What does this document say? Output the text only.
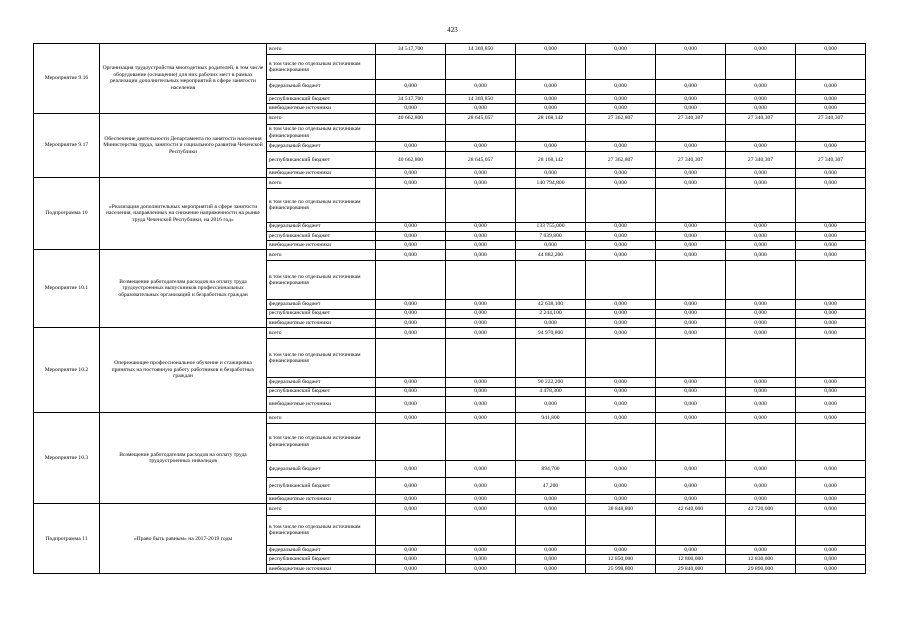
423
Мероприятие 9.16	Организация трудоустройства многодетных родителей, в том числе оборудование (оснащение) для них рабочих мест в рамках реализации дополнительных мероприятий в сфере занятости населения	всего	34 517,700	14 369,850	0,000	0,000	0,000	0,000	0,000
		в том числе по отдельным источникам финансирования							
		федеральный бюджет	0,000	0,000	0,000	0,000	0,000	0,000	0,000
		республиканский бюджет	34 517,700	14 369,850	0,000	0,000	0,000	0,000	0,000
		внебюджетные источники	0,000	0,000	0,000	0,000	0,000	0,000	0,000
Мероприятие 9.17	Обеспечение деятельности Департамента по занятости населения Министерства труда, занятости и социального развития Чеченской Республики	всего	40 662,800	28 645,057	28 168,142	27 362,807	27 340,307	27 340,307	27 340,307
		в том числе по отдельным источникам финансирования							
		федеральный бюджет	0,000	0,000	0,000	0,000	0,000	0,000	0,000
		республиканский бюджет	40 662,800	28 645,057	28 168,142	27 362,807	27 340,307	27 340,307	27 340,307
		внебюджетные источники	0,000	0,000	0,000	0,000	0,000	0,000	0,000
Подпрограмма 10	«Реализация дополнительных мероприятий в сфере занятости населения, направленных на снижение напряженности на рынке труда Чеченской Республики, на 2016 год»	всего	0,000	0,000	140 794,800	0,000	0,000	0,000	0,000
		в том числе по отдельным источникам финансирования							
		федеральный бюджет	0,000	0,000	133 755,000	0,000	0,000	0,000	0,000
		республиканский бюджет	0,000	0,000	7 039,800	0,000	0,000	0,000	0,000
		внебюджетные источники	0,000	0,000	0,000	0,000	0,000	0,000	0,000
Мероприятие 10.1	Возмещение работодателям расходов на оплату труда трудоустроенных выпускников профессиональных образовательных организаций и безработных граждан	всего	0,000	0,000	44 882,200	0,000	0,000	0,000	0,000
		в том числе по отдельным источникам финансирования							
		федеральный бюджет	0,000	0,000	42 638,100	0,000	0,000	0,000	0,000
		республиканский бюджет	0,000	0,000	2 244,100	0,000	0,000	0,000	0,000
		внебюджетные источники	0,000	0,000	0,000	0,000	0,000	0,000	0,000
Мероприятие 10.2	Опережающее профессиональное обучение и стажировка принятых на постоянную работу работников и безработных граждан	всего	0,000	0,000	94 970,800	0,000	0,000	0,000	0,000
		в том числе по отдельным источникам финансирования							
		федеральный бюджет	0,000	0,000	90 222,200	0,000	0,000	0,000	0,000
		республиканский бюджет	0,000	0,000	4 478,300	0,000	0,000	0,000	0,000
		внебюджетные источники	0,000	0,000	0,000	0,000	0,000	0,000	0,000
Мероприятие 10.3	Возмещение работодателям расходов на оплату труда трудоустроенных инвалидов	всего	0,000	0,000	941,800	0,000	0,000	0,000	0,000
		в том числе по отдельным источникам финансирования							
		федеральный бюджет	0,000	0,000	894,700	0,000	0,000	0,000	0,000
		республиканский бюджет	0,000	0,000	47,200	0,000	0,000	0,000	0,000
		внебюджетные источники	0,000	0,000	0,000	0,000	0,000	0,000	0,000
Подпрограмма 11	«Право быть равным» на 2017-2019 годы	всего	0,000	0,000	0,000	38 848,800	42 640,000	42 720,000	0,000
		в том числе по отдельным источникам финансирования							
		федеральный бюджет	0,000	0,000	0,000	0,000	0,000	0,000	0,000
		республиканский бюджет	0,000	0,000	0,000	12 850,000	12 800,000	12 830,000	0,000
		внебюджетные источники	0,000	0,000	0,000	25 998,800	29 840,000	29 890,000	0,000
